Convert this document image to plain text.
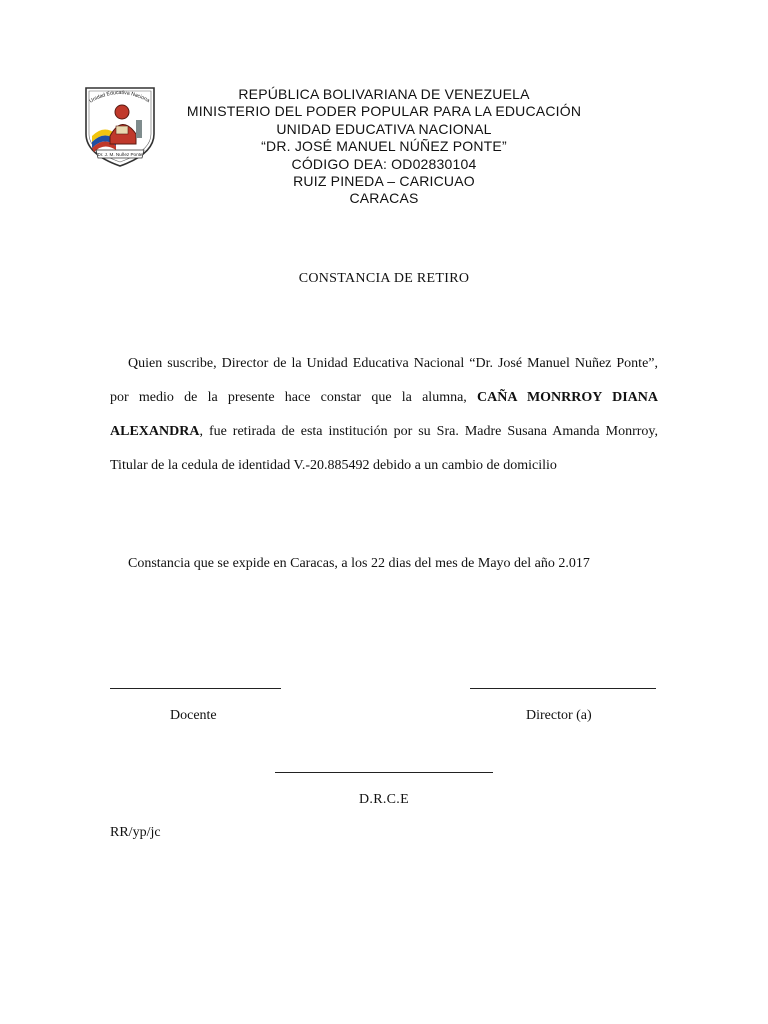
Unidad Educativa Naciona
"Dr. J. M. Nuñez Ponte"
REPÚBLICA BOLIVARIANA DE VENEZUELA
MINISTERIO DEL PODER POPULAR PARA LA EDUCACIÓN
UNIDAD EDUCATIVA NACIONAL
“DR. JOSÉ MANUEL NÚÑEZ PONTE”
CÓDIGO DEA: OD02830104
RUIZ PINEDA – CARICUAO
CARACAS
CONSTANCIA DE RETIRO

Quien suscribe, Director de la Unidad Educativa Nacional “Dr. José Manuel Nuñez Ponte”, por medio de la presente hace constar que la alumna, CAÑA MONRROY DIANA ALEXANDRA, fue retirada de esta institución por su Sra. Madre Susana Amanda Monrroy, Titular de la cedula de identidad V.-20.885492 debido a un cambio de domicilio

Constancia que se expide en Caracas, a los 22 dias del mes de Mayo del año 2.017
Docente	Director (a)
D.R.C.E
RR/yp/jc
